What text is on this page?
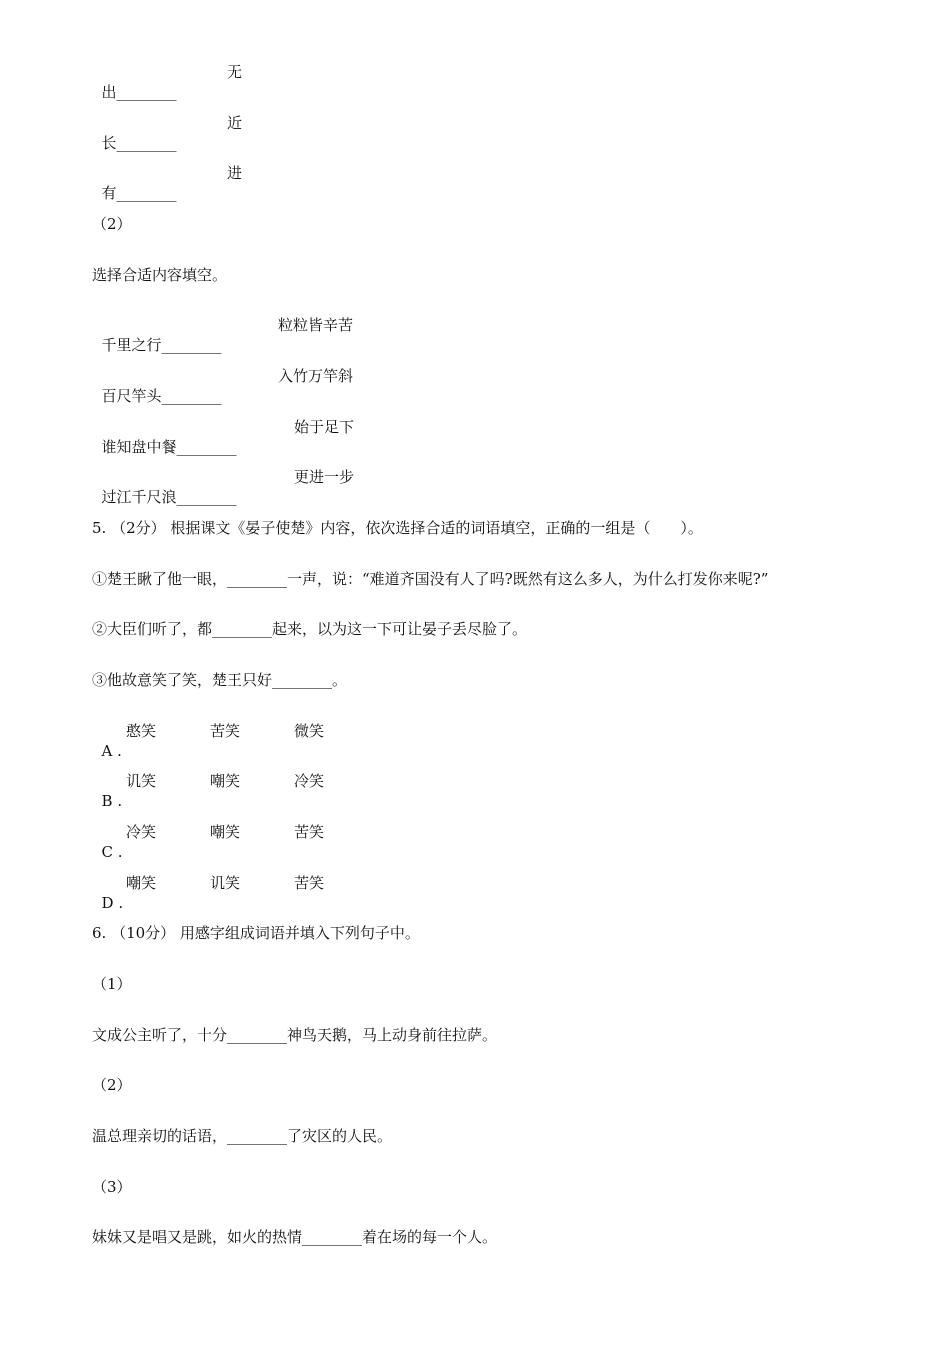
出________

无

长________

近

有________

进

（2）
选择合适内容填空。

千里之行________

粒粒皆辛苦

百尺竿头________

入竹万竿斜

谁知盘中餐________

始于足下

过江千尺浪________

更进一步

5. （2分） 根据课文《晏子使楚》内容，依次选择合适的词语填空，正确的一组是（　　）。
①楚王瞅了他一眼，________一声，说：“难道齐国没有人了吗?既然有这么多人，为什么打发你来呢?”
②大臣们听了，都________起来，以为这一下可让晏子丢尽脸了。
③他故意笑了笑，楚王只好________。

A .

憨笑

	苦笑

	微笑

B .

讥笑

	嘲笑

	冷笑

C .

冷笑

	嘲笑

	苦笑

D .

嘲笑

	讥笑

	苦笑

6. （10分） 用感字组成词语并填入下列句子中。
（1）
文成公主听了，十分________神鸟天鹅，马上动身前往拉萨。
（2）
温总理亲切的话语，________了灾区的人民。
（3）
妹妹又是唱又是跳，如火的热情________着在场的每一个人。
